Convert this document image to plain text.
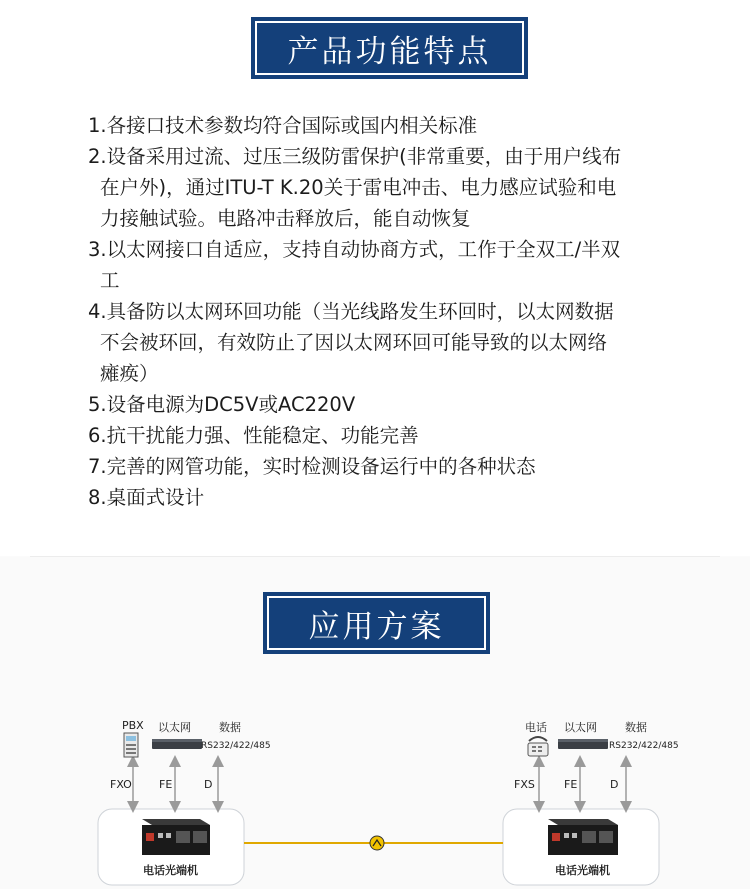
产品功能特点
1.各接口技术参数均符合国际或国内相关标准
2.设备采用过流、过压三级防雷保护(非常重要，由于用户线布
在户外)，通过ITU-T K.20关于雷电冲击、电力感应试验和电
力接触试验。电路冲击释放后，能自动恢复
3.以太网接口自适应，支持自动协商方式，工作于全双工/半双
工
4.具备防以太网环回功能（当光线路发生环回时，以太网数据
不会被环回，有效防止了因以太网环回可能导致的以太网络
瘫痪）
5.设备电源为DC5V或AC220V
6.抗干扰能力强、性能稳定、功能完善
7.完善的网管功能，实时检测设备运行中的各种状态
8.桌面式设计
应用方案
PBX 以太网	数据
RS232/422/485
FXO FE	D
电话光端机
电话 以太网	数据
RS232/422/485
FXS	FE	D
电话光端机
